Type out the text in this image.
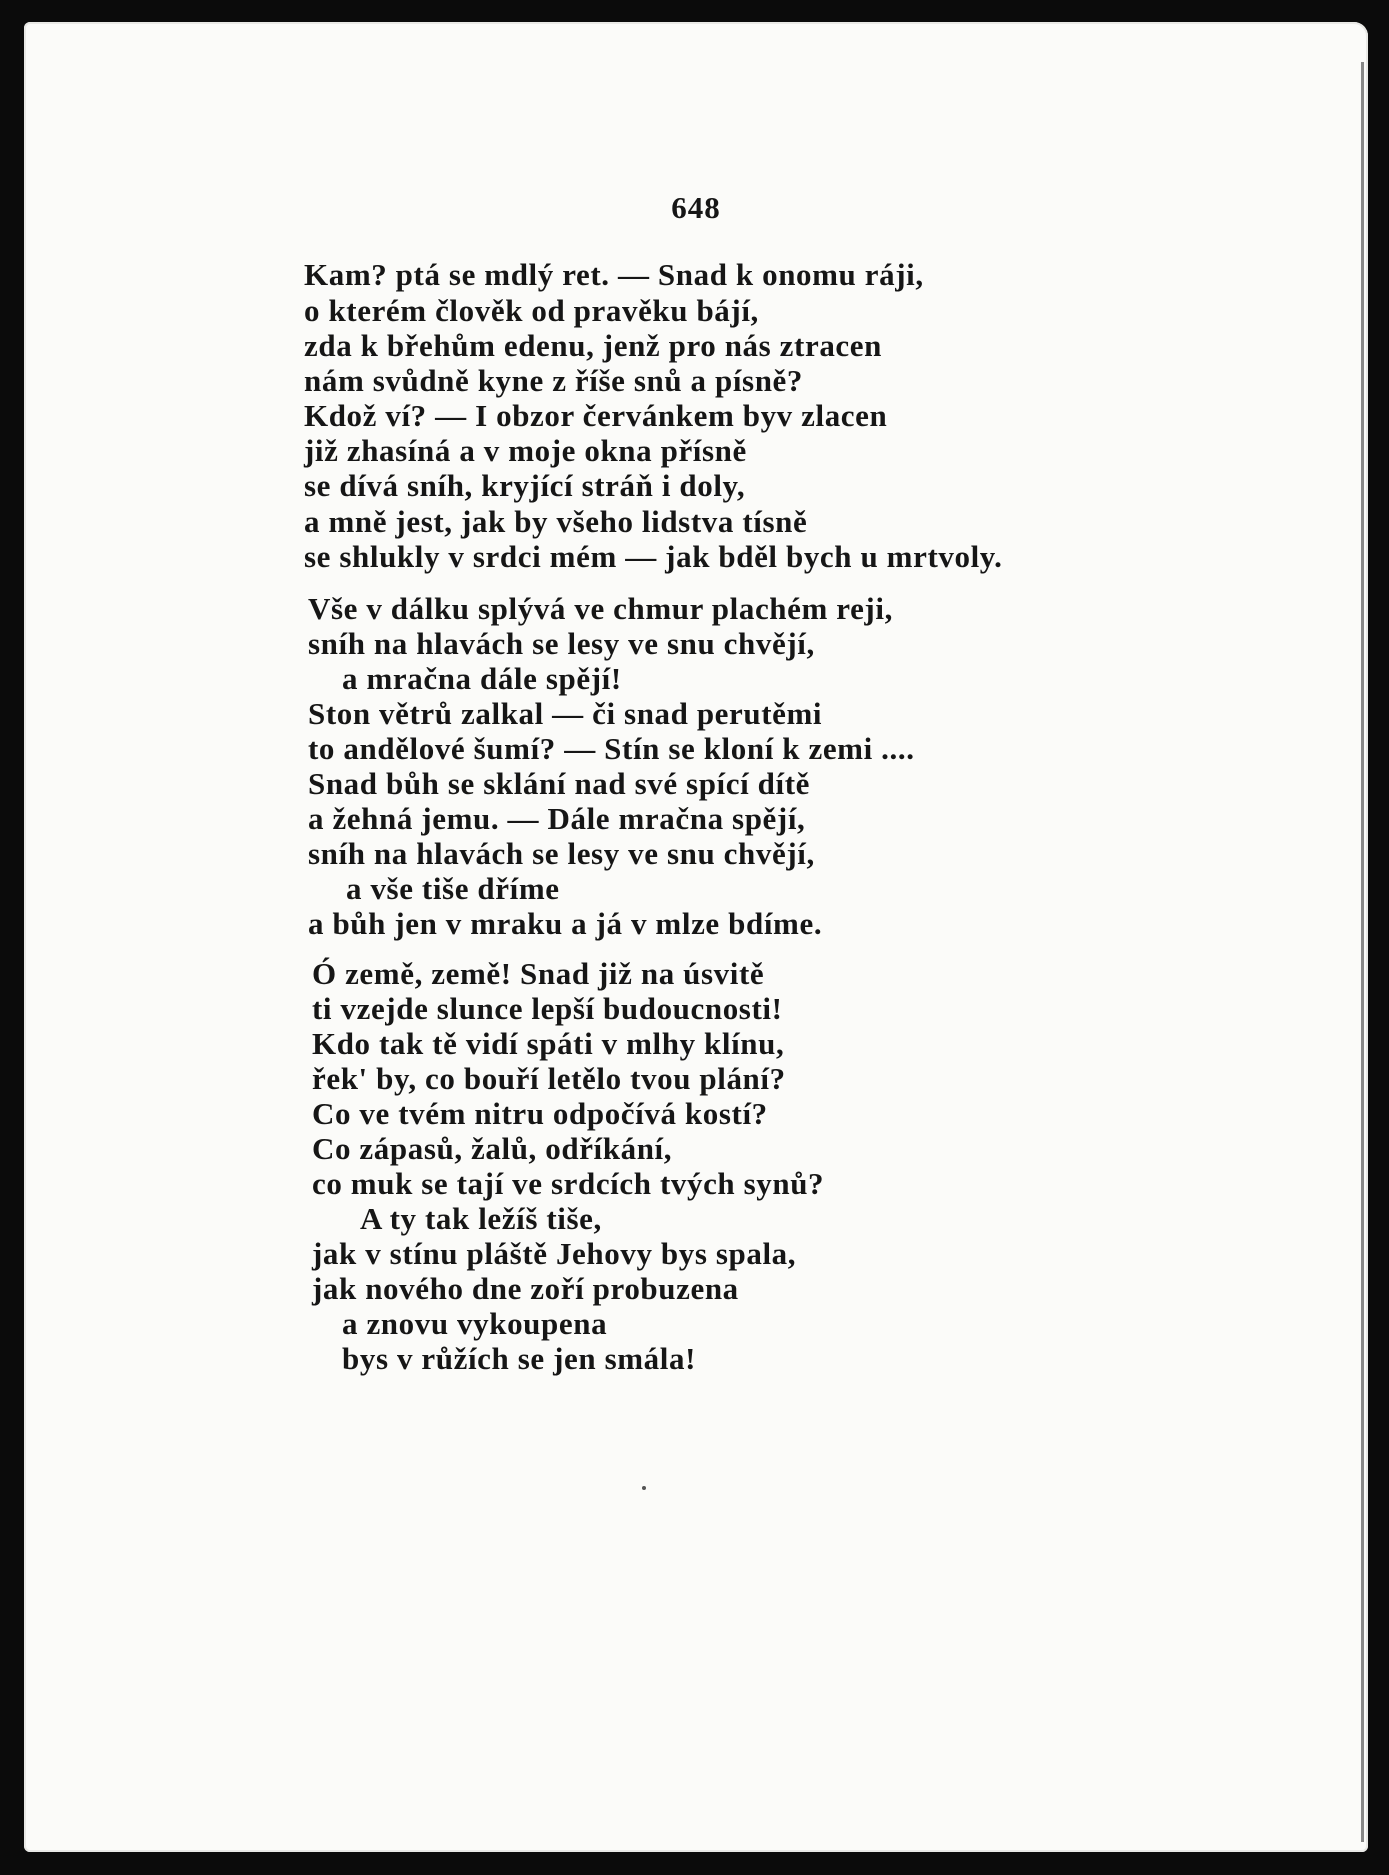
648
Kam? ptá se mdlý ret. — Snad k onomu ráji,
o kterém člověk od pravěku bájí,
zda k břehům edenu, jenž pro nás ztracen
nám svůdně kyne z říše snů a písně?
Kdož ví? — I obzor červánkem byv zlacen
již zhasíná a v moje okna přísně
se dívá sníh, kryjící stráň i doly,
a mně jest, jak by všeho lidstva tísně
se shlukly v srdci mém — jak bděl bych u mrtvoly.
Vše v dálku splývá ve chmur plachém reji,
sníh na hlavách se lesy ve snu chvějí,
a mračna dále spějí!
Ston větrů zalkal — či snad perutěmi
to andělové šumí? — Stín se kloní k zemi ....
Snad bůh se sklání nad své spící dítě
a žehná jemu. — Dále mračna spějí,
sníh na hlavách se lesy ve snu chvějí,
a vše tiše dříme
a bůh jen v mraku a já v mlze bdíme.
Ó země, země! Snad již na úsvitě
ti vzejde slunce lepší budoucnosti!
Kdo tak tě vidí spáti v mlhy klínu,
řek' by, co bouří letělo tvou plání?
Co ve tvém nitru odpočívá kostí?
Co zápasů, žalů, odříkání,
co muk se tají ve srdcích tvých synů?
A ty tak ležíš tiše,
jak v stínu pláště Jehovy bys spala,
jak nového dne zoří probuzena
a znovu vykoupena
bys v růžích se jen smála!
